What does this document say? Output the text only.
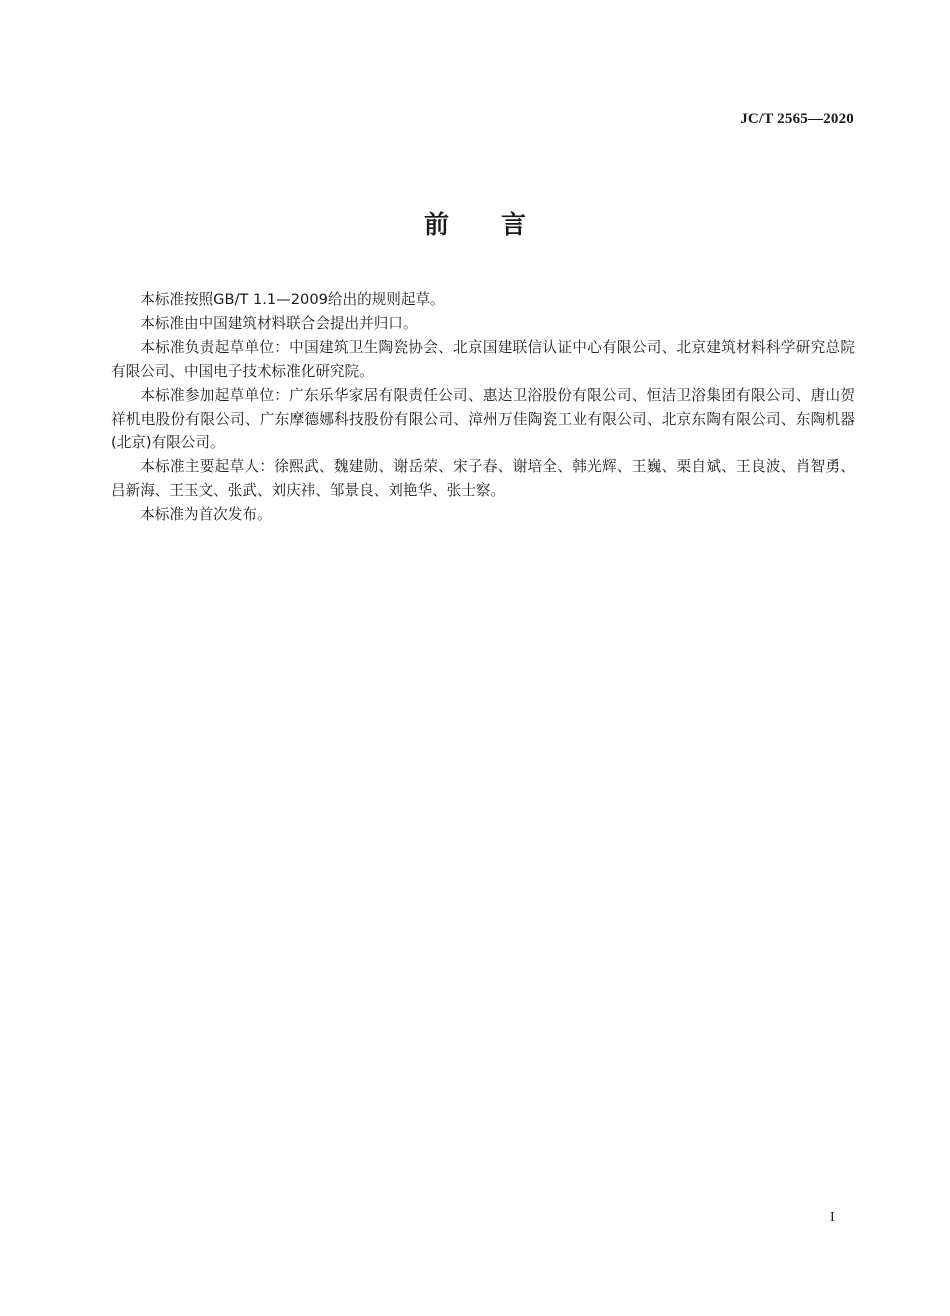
JC/T 2565—2020
前言

本标准按照GB/T 1.1—2009给出的规则起草。

本标准由中国建筑材料联合会提出并归口。

本标准负责起草单位：中国建筑卫生陶瓷协会、北京国建联信认证中心有限公司、北京建筑材料科学研究总院有限公司、中国电子技术标准化研究院。

本标准参加起草单位：广东乐华家居有限责任公司、惠达卫浴股份有限公司、恒洁卫浴集团有限公司、唐山贺祥机电股份有限公司、广东摩德娜科技股份有限公司、漳州万佳陶瓷工业有限公司、北京东陶有限公司、东陶机器(北京)有限公司。

本标准主要起草人：徐熙武、魏建勋、谢岳荣、宋子春、谢培全、韩光辉、王巍、栗自斌、王良波、肖智勇、吕新海、王玉文、张武、刘庆祎、邹景良、刘艳华、张士察。

本标准为首次发布。

I
